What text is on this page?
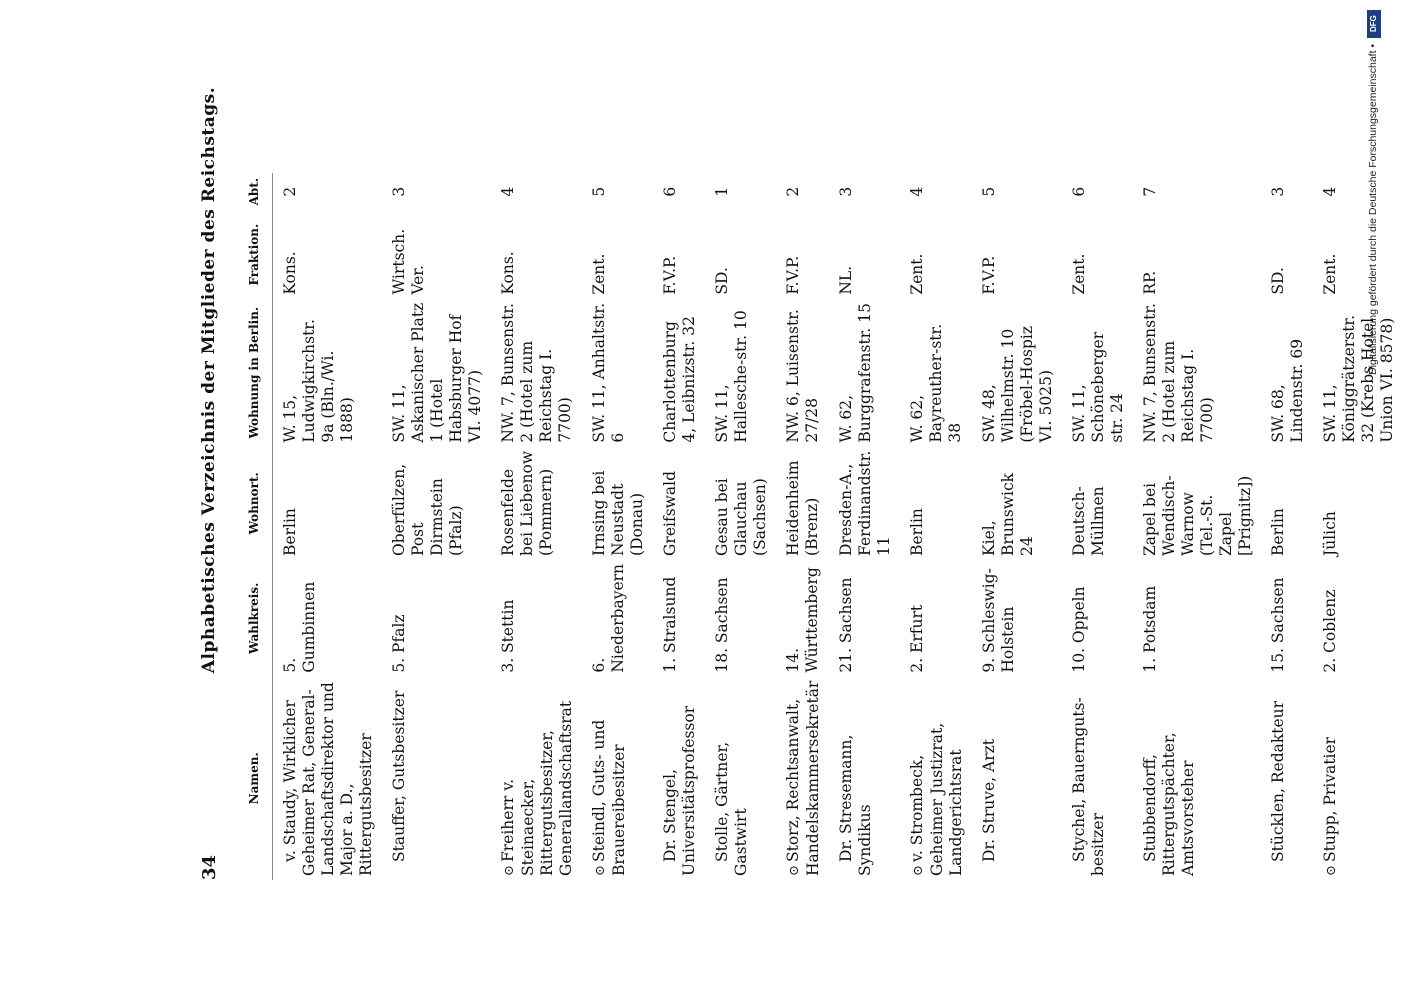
34
Alphabetisches Verzeichnis der Mitglieder des Reichstags.
Namen.	Wahlkreis.	Wohnort.	Wohnung in Berlin.	Fraktion.	Abt.
v. Staudy, Wirklicher Geheimer Rat, General-Landschaftsdirektor und Major a. D., Rittergutsbesitzer	5. Gumbinnen	Berlin	W. 15, Ludwigkirchstr. 9a (Bln./Wi. 1888)	Kons.	2
Stauffer, Gutsbesitzer	5. Pfalz	Oberfülzen, Post Dirmstein (Pfalz)	SW. 11, Askanischer Platz 1 (Hotel Habsburger Hof VI. 4077)	Wirtsch. Ver.	3
⊙Freiherr v. Steinaecker, Rittergutsbesitzer, Generallandschaftsrat	3. Stettin	Rosenfelde bei Liebenow (Pommern)	NW. 7, Bunsenstr. 2 (Hotel zum Reichstag I. 7700)	Kons.	4
⊙Steindl, Guts- und Brauereibesitzer	6. Niederbayern	Irnsing bei Neustadt (Donau)	SW. 11, Anhaltstr. 6	Zent.	5
Dr. Stengel, Universitätsprofessor	1. Stralsund	Greifswald	Charlottenburg 4, Leibnizstr. 32	F.V.P.	6
Stolle, Gärtner, Gastwirt	18. Sachsen	Gesau bei Glauchau (Sachsen)	SW. 11, Hallesche-str. 10	SD.	1
⊙Storz, Rechtsanwalt, Handelskammersekretär	14. Württemberg	Heidenheim (Brenz)	NW. 6, Luisenstr. 27/28	F.V.P.	2
Dr. Stresemann, Syndikus	21. Sachsen	Dresden-A., Ferdinandstr. 11	W. 62, Burggrafenstr. 15	NL.	3
⊙v. Strombeck, Geheimer Justizrat, Landgerichtsrat	2. Erfurt	Berlin	W. 62, Bayreuther-str. 38	Zent.	4
Dr. Struve, Arzt	9. Schleswig-Holstein	Kiel, Brunswick 24	SW. 48, Wilhelmstr. 10 (Fröbel-Hospiz VI. 5025)	F.V.P.	5
Stychel, Bauernguts-besitzer	10. Oppeln	Deutsch-Müllmen	SW. 11, Schöneberger str. 24	Zent.	6
Stubbendorff, Rittergutspächter, Amtsvorsteher	1. Potsdam	Zapel bei Wendisch-Warnow (Tel.-St. Zapel [Prignitz])	NW. 7, Bunsenstr. 2 (Hotel zum Reichstag I. 7700)	RP.	7
Stücklen, Redakteur	15. Sachsen	Berlin	SW. 68, Lindenstr. 69	SD.	3
⊙Stupp, Privatier	2. Coblenz	Jülich	SW. 11, Königgrätzerstr. 32 (Krebs Hotel Union VI. 8578)	Zent.	4
DFG
Digitalisierung gefördert durch die Deutsche Forschungsgemeinschaft •
